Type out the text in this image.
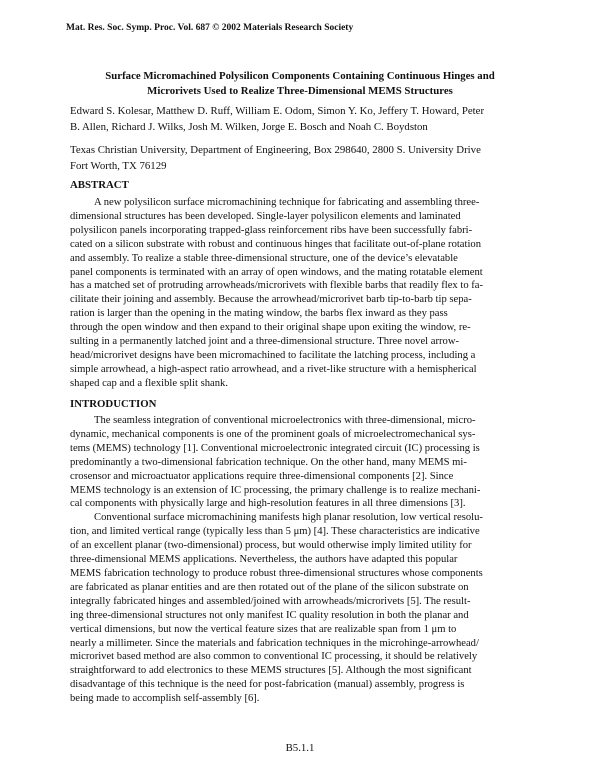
Mat. Res. Soc. Symp. Proc. Vol. 687 © 2002 Materials Research Society
Surface Micromachined Polysilicon Components Containing Continuous Hinges and
Microrivets Used to Realize Three-Dimensional MEMS Structures
Edward S. Kolesar, Matthew D. Ruff, William E. Odom, Simon Y. Ko, Jeffery T. Howard, Peter
B. Allen, Richard J. Wilks, Josh M. Wilken, Jorge E. Bosch and Noah C. Boydston
Texas Christian University, Department of Engineering, Box 298640, 2800 S. University Drive
Fort Worth, TX 76129
ABSTRACT
A new polysilicon surface micromachining technique for fabricating and assembling three-
dimensional structures has been developed. Single-layer polysilicon elements and laminated
polysilicon panels incorporating trapped-glass reinforcement ribs have been successfully fabri-
cated on a silicon substrate with robust and continuous hinges that facilitate out-of-plane rotation
and assembly. To realize a stable three-dimensional structure, one of the device’s elevatable
panel components is terminated with an array of open windows, and the mating rotatable element
has a matched set of protruding arrowheads/microrivets with flexible barbs that readily flex to fa-
cilitate their joining and assembly. Because the arrowhead/microrivet barb tip-to-barb tip sepa-
ration is larger than the opening in the mating window, the barbs flex inward as they pass
through the open window and then expand to their original shape upon exiting the window, re-
sulting in a permanently latched joint and a three-dimensional structure. Three novel arrow-
head/microrivet designs have been micromachined to facilitate the latching process, including a
simple arrowhead, a high-aspect ratio arrowhead, and a rivet-like structure with a hemispherical
shaped cap and a flexible split shank.
INTRODUCTION
The seamless integration of conventional microelectronics with three-dimensional, micro-
dynamic, mechanical components is one of the prominent goals of microelectromechanical sys-
tems (MEMS) technology [1]. Conventional microelectronic integrated circuit (IC) processing is
predominantly a two-dimensional fabrication technique. On the other hand, many MEMS mi-
crosensor and microactuator applications require three-dimensional components [2]. Since
MEMS technology is an extension of IC processing, the primary challenge is to realize mechani-
cal components with physically large and high-resolution features in all three dimensions [3].
Conventional surface micromachining manifests high planar resolution, low vertical resolu-
tion, and limited vertical range (typically less than 5 μm) [4]. These characteristics are indicative
of an excellent planar (two-dimensional) process, but would otherwise imply limited utility for
three-dimensional MEMS applications. Nevertheless, the authors have adapted this popular
MEMS fabrication technology to produce robust three-dimensional structures whose components
are fabricated as planar entities and are then rotated out of the plane of the silicon substrate on
integrally fabricated hinges and assembled/joined with arrowheads/microrivets [5]. The result-
ing three-dimensional structures not only manifest IC quality resolution in both the planar and
vertical dimensions, but now the vertical feature sizes that are realizable span from 1 μm to
nearly a millimeter. Since the materials and fabrication techniques in the microhinge-arrowhead/
microrivet based method are also common to conventional IC processing, it should be relatively
straightforward to add electronics to these MEMS structures [5]. Although the most significant
disadvantage of this technique is the need for post-fabrication (manual) assembly, progress is
being made to accomplish self-assembly [6].
B5.1.1
